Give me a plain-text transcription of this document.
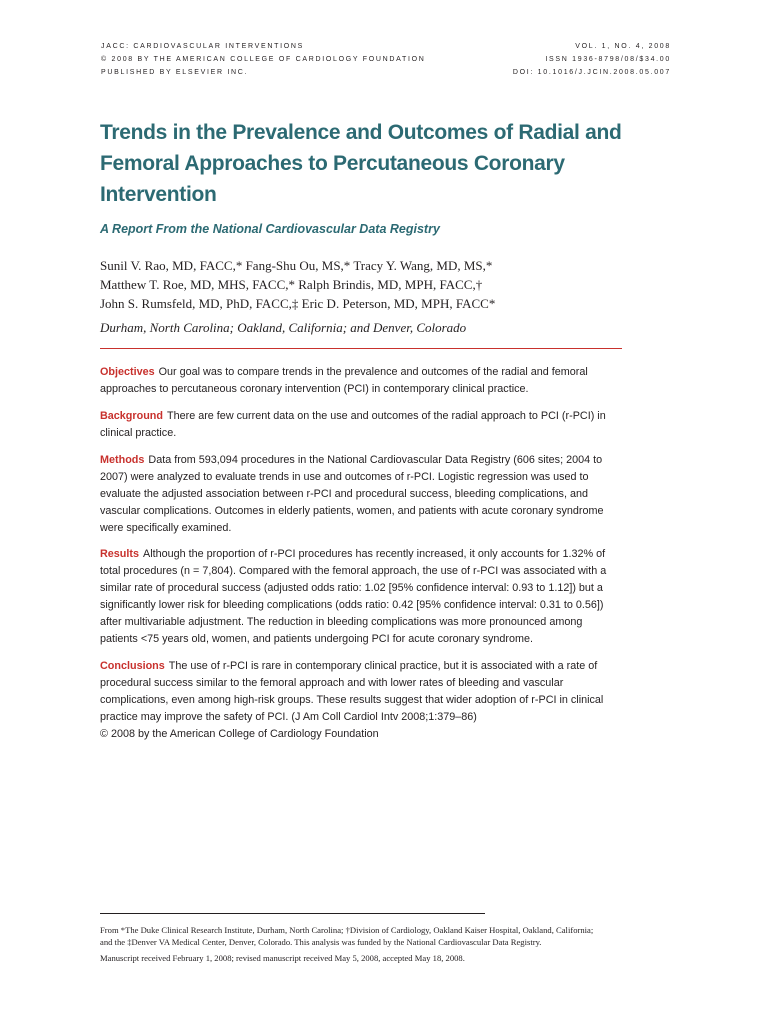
JACC: CARDIOVASCULAR INTERVENTIONS	VOL. 1, NO. 4, 2008
© 2008 BY THE AMERICAN COLLEGE OF CARDIOLOGY FOUNDATION	ISSN 1936-8798/08/$34.00
PUBLISHED BY ELSEVIER INC.	DOI: 10.1016/J.JCIN.2008.05.007
Trends in the Prevalence and Outcomes of Radial and Femoral Approaches to Percutaneous Coronary Intervention
A Report From the National Cardiovascular Data Registry
Sunil V. Rao, MD, FACC,* Fang-Shu Ou, MS,* Tracy Y. Wang, MD, MS,*
Matthew T. Roe, MD, MHS, FACC,* Ralph Brindis, MD, MPH, FACC,†
John S. Rumsfeld, MD, PhD, FACC,‡ Eric D. Peterson, MD, MPH, FACC*
Durham, North Carolina; Oakland, California; and Denver, Colorado

Objectives Our goal was to compare trends in the prevalence and outcomes of the radial and femoral approaches to percutaneous coronary intervention (PCI) in contemporary clinical practice.

Background There are few current data on the use and outcomes of the radial approach to PCI (r-PCI) in clinical practice.

Methods Data from 593,094 procedures in the National Cardiovascular Data Registry (606 sites; 2004 to 2007) were analyzed to evaluate trends in use and outcomes of r-PCI. Logistic regression was used to evaluate the adjusted association between r-PCI and procedural success, bleeding complications, and vascular complications. Outcomes in elderly patients, women, and patients with acute coronary syndrome were specifically examined.

Results Although the proportion of r-PCI procedures has recently increased, it only accounts for 1.32% of total procedures (n = 7,804). Compared with the femoral approach, the use of r-PCI was associated with a similar rate of procedural success (adjusted odds ratio: 1.02 [95% confidence interval: 0.93 to 1.12]) but a significantly lower risk for bleeding complications (odds ratio: 0.42 [95% confidence interval: 0.31 to 0.56]) after multivariable adjustment. The reduction in bleeding complications was more pronounced among patients <75 years old, women, and patients undergoing PCI for acute coronary syndrome.

Conclusions The use of r-PCI is rare in contemporary clinical practice, but it is associated with a rate of procedural success similar to the femoral approach and with lower rates of bleeding and vascular complications, even among high-risk groups. These results suggest that wider adoption of r-PCI in clinical practice may improve the safety of PCI. (J Am Coll Cardiol Intv 2008;1:379–86)

© 2008 by the American College of Cardiology Foundation

From *The Duke Clinical Research Institute, Durham, North Carolina; †Division of Cardiology, Oakland Kaiser Hospital, Oakland, California; and the ‡Denver VA Medical Center, Denver, Colorado. This analysis was funded by the National Cardiovascular Data Registry.

Manuscript received February 1, 2008; revised manuscript received May 5, 2008, accepted May 18, 2008.
